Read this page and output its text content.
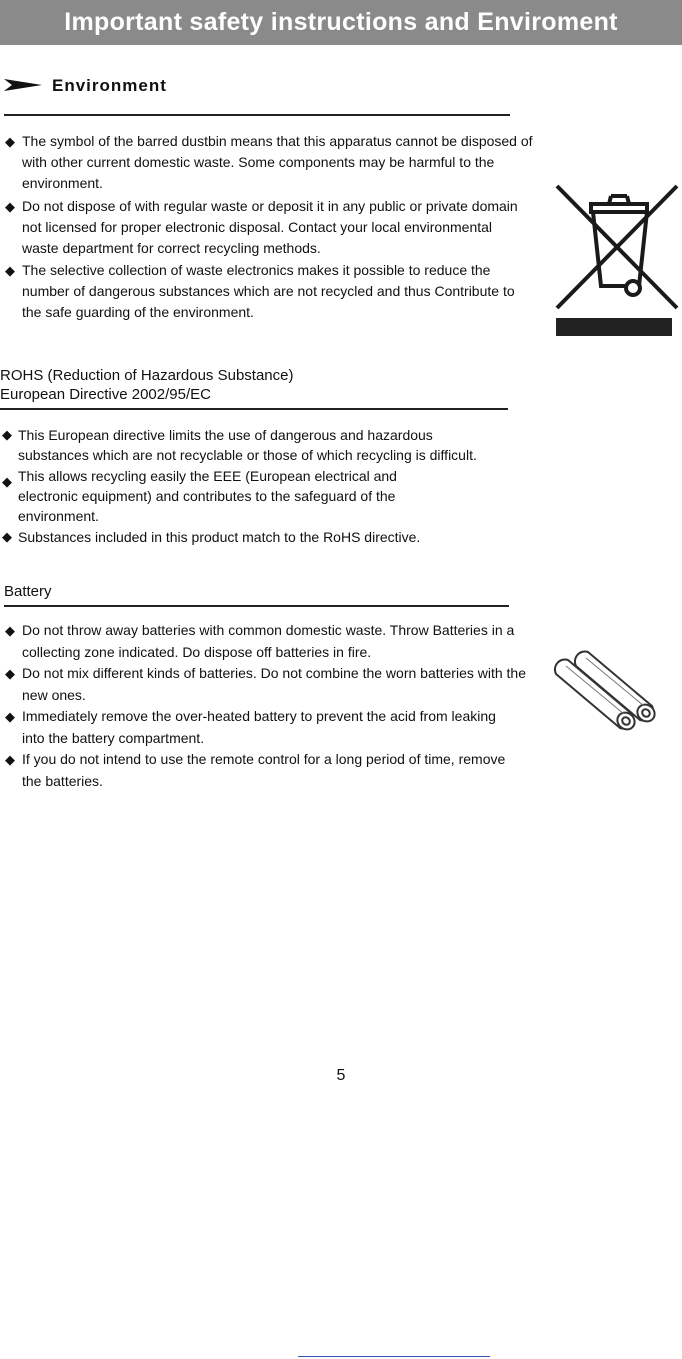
Important safety instructions and Enviroment
Environment
◆ The symbol of the barred dustbin means that this apparatus cannot be disposed of with other current domestic waste. Some components may be harmful to the environment.
◆ Do not dispose of with regular waste or deposit it in any public or private domain not licensed for proper electronic disposal. Contact your local environmental waste department for correct recycling methods.
◆ The selective collection of waste electronics makes it possible to reduce the number of dangerous substances which are not recycled and thus Contribute to the safe guarding of the environment.
ROHS (Reduction of Hazardous Substance)
European Directive 2002/95/EC
◆ This European directive limits the use of dangerous and hazardous substances which are not recyclable or those of which recycling is difficult.
◆ This allows recycling easily the EEE (European electrical and electronic equipment) and contributes to the safeguard of the environment.
◆ Substances included in this product match to the RoHS directive.
Battery
◆ Do not throw away batteries with common domestic waste. Throw Batteries in a collecting zone indicated. Do dispose off batteries in fire.
◆ Do not mix different kinds of batteries. Do not combine the worn batteries with the new ones.
◆ Immediately remove the over-heated battery to prevent the acid from leaking into the battery compartment.
◆ If you do not intend to use the remote control for a long period of time, remove the batteries.
5
